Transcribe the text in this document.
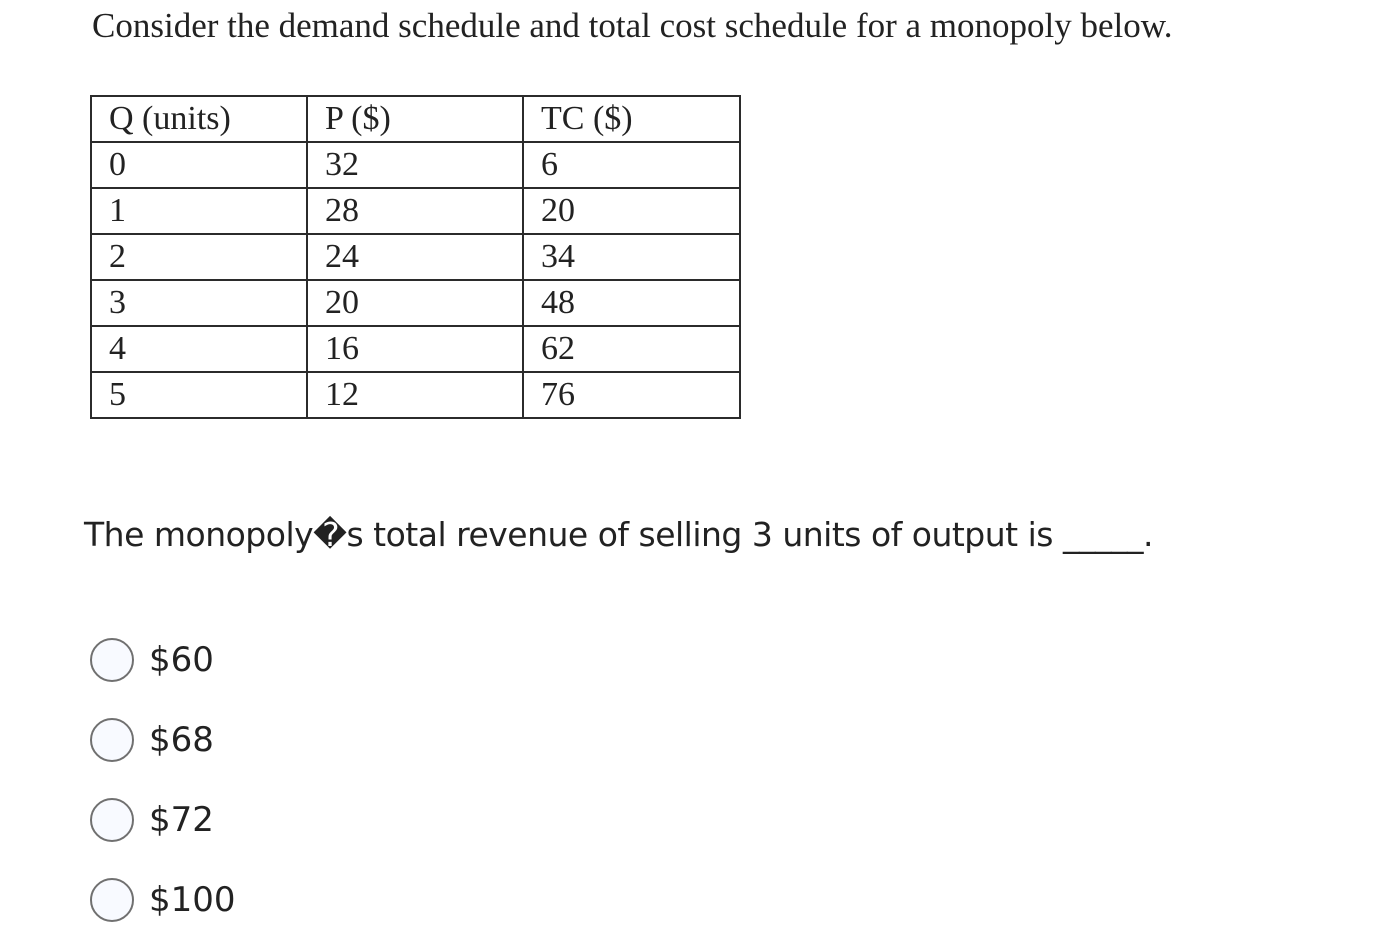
Consider the demand schedule and total cost schedule for a monopoly below.
Q (units)	P ($)	TC ($)
0	32	6
1	28	20
2	24	34
3	20	48
4	16	62
5	12	76
The monopoly�s total revenue of selling 3 units of output is _____.
$60
$68
$72
$100
